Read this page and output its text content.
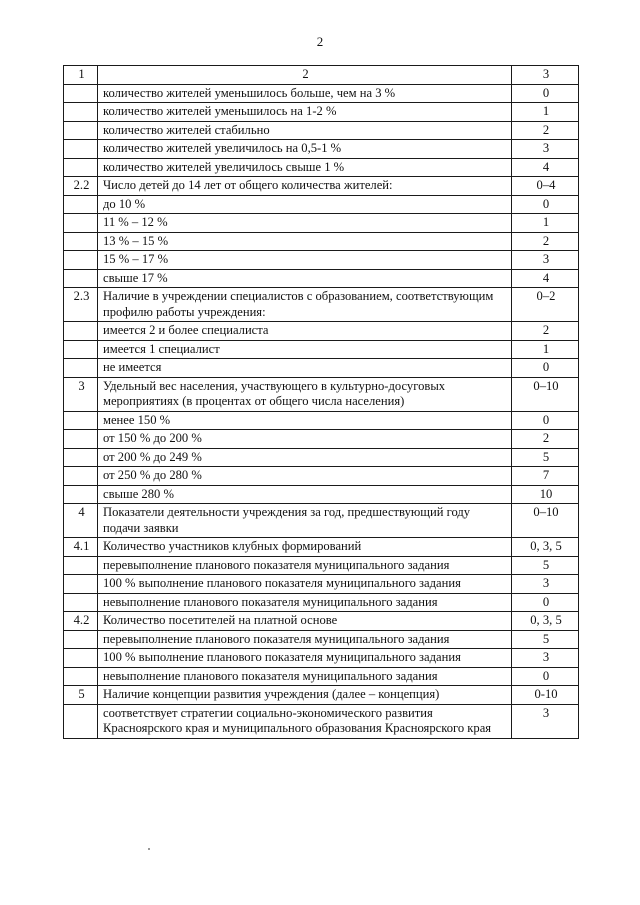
2
1	2	3
	количество жителей уменьшилось больше, чем на 3 %	0
	количество жителей уменьшилось на 1-2 %	1
	количество жителей стабильно	2
	количество жителей увеличилось на 0,5-1 %	3
	количество жителей увеличилось свыше 1 %	4
2.2	Число детей до 14 лет от общего количества жителей:	0–4
	до 10 %	0
	11 % – 12 %	1
	13 % – 15 %	2
	15 % – 17 %	3
	свыше 17 %	4
2.3	Наличие в учреждении специалистов с образованием, соответствующим профилю работы учреждения:	0–2
	имеется 2 и более специалиста	2
	имеется 1 специалист	1
	не имеется	0
3	Удельный вес населения, участвующего в культурно-досуговых мероприятиях (в процентах от общего числа населения)	0–10
	менее 150 %	0
	от 150 % до 200 %	2
	от 200 % до 249 %	5
	от 250 % до 280 %	7
	свыше 280 %	10
4	Показатели деятельности учреждения за год, предшествующий году подачи заявки	0–10
4.1	Количество участников клубных формирований	0, 3, 5
	перевыполнение планового показателя муниципального задания	5
	100 % выполнение планового показателя муниципального задания	3
	невыполнение планового показателя муниципального задания	0
4.2	Количество посетителей на платной основе	0, 3, 5
	перевыполнение планового показателя муниципального задания	5
	100 % выполнение планового показателя муниципального задания	3
	невыполнение планового показателя муниципального задания	0
5	Наличие концепции развития учреждения (далее – концепция)	0-10
	соответствует стратегии социально-экономического развития Красноярского края и муниципального образования Красноярского края	3
